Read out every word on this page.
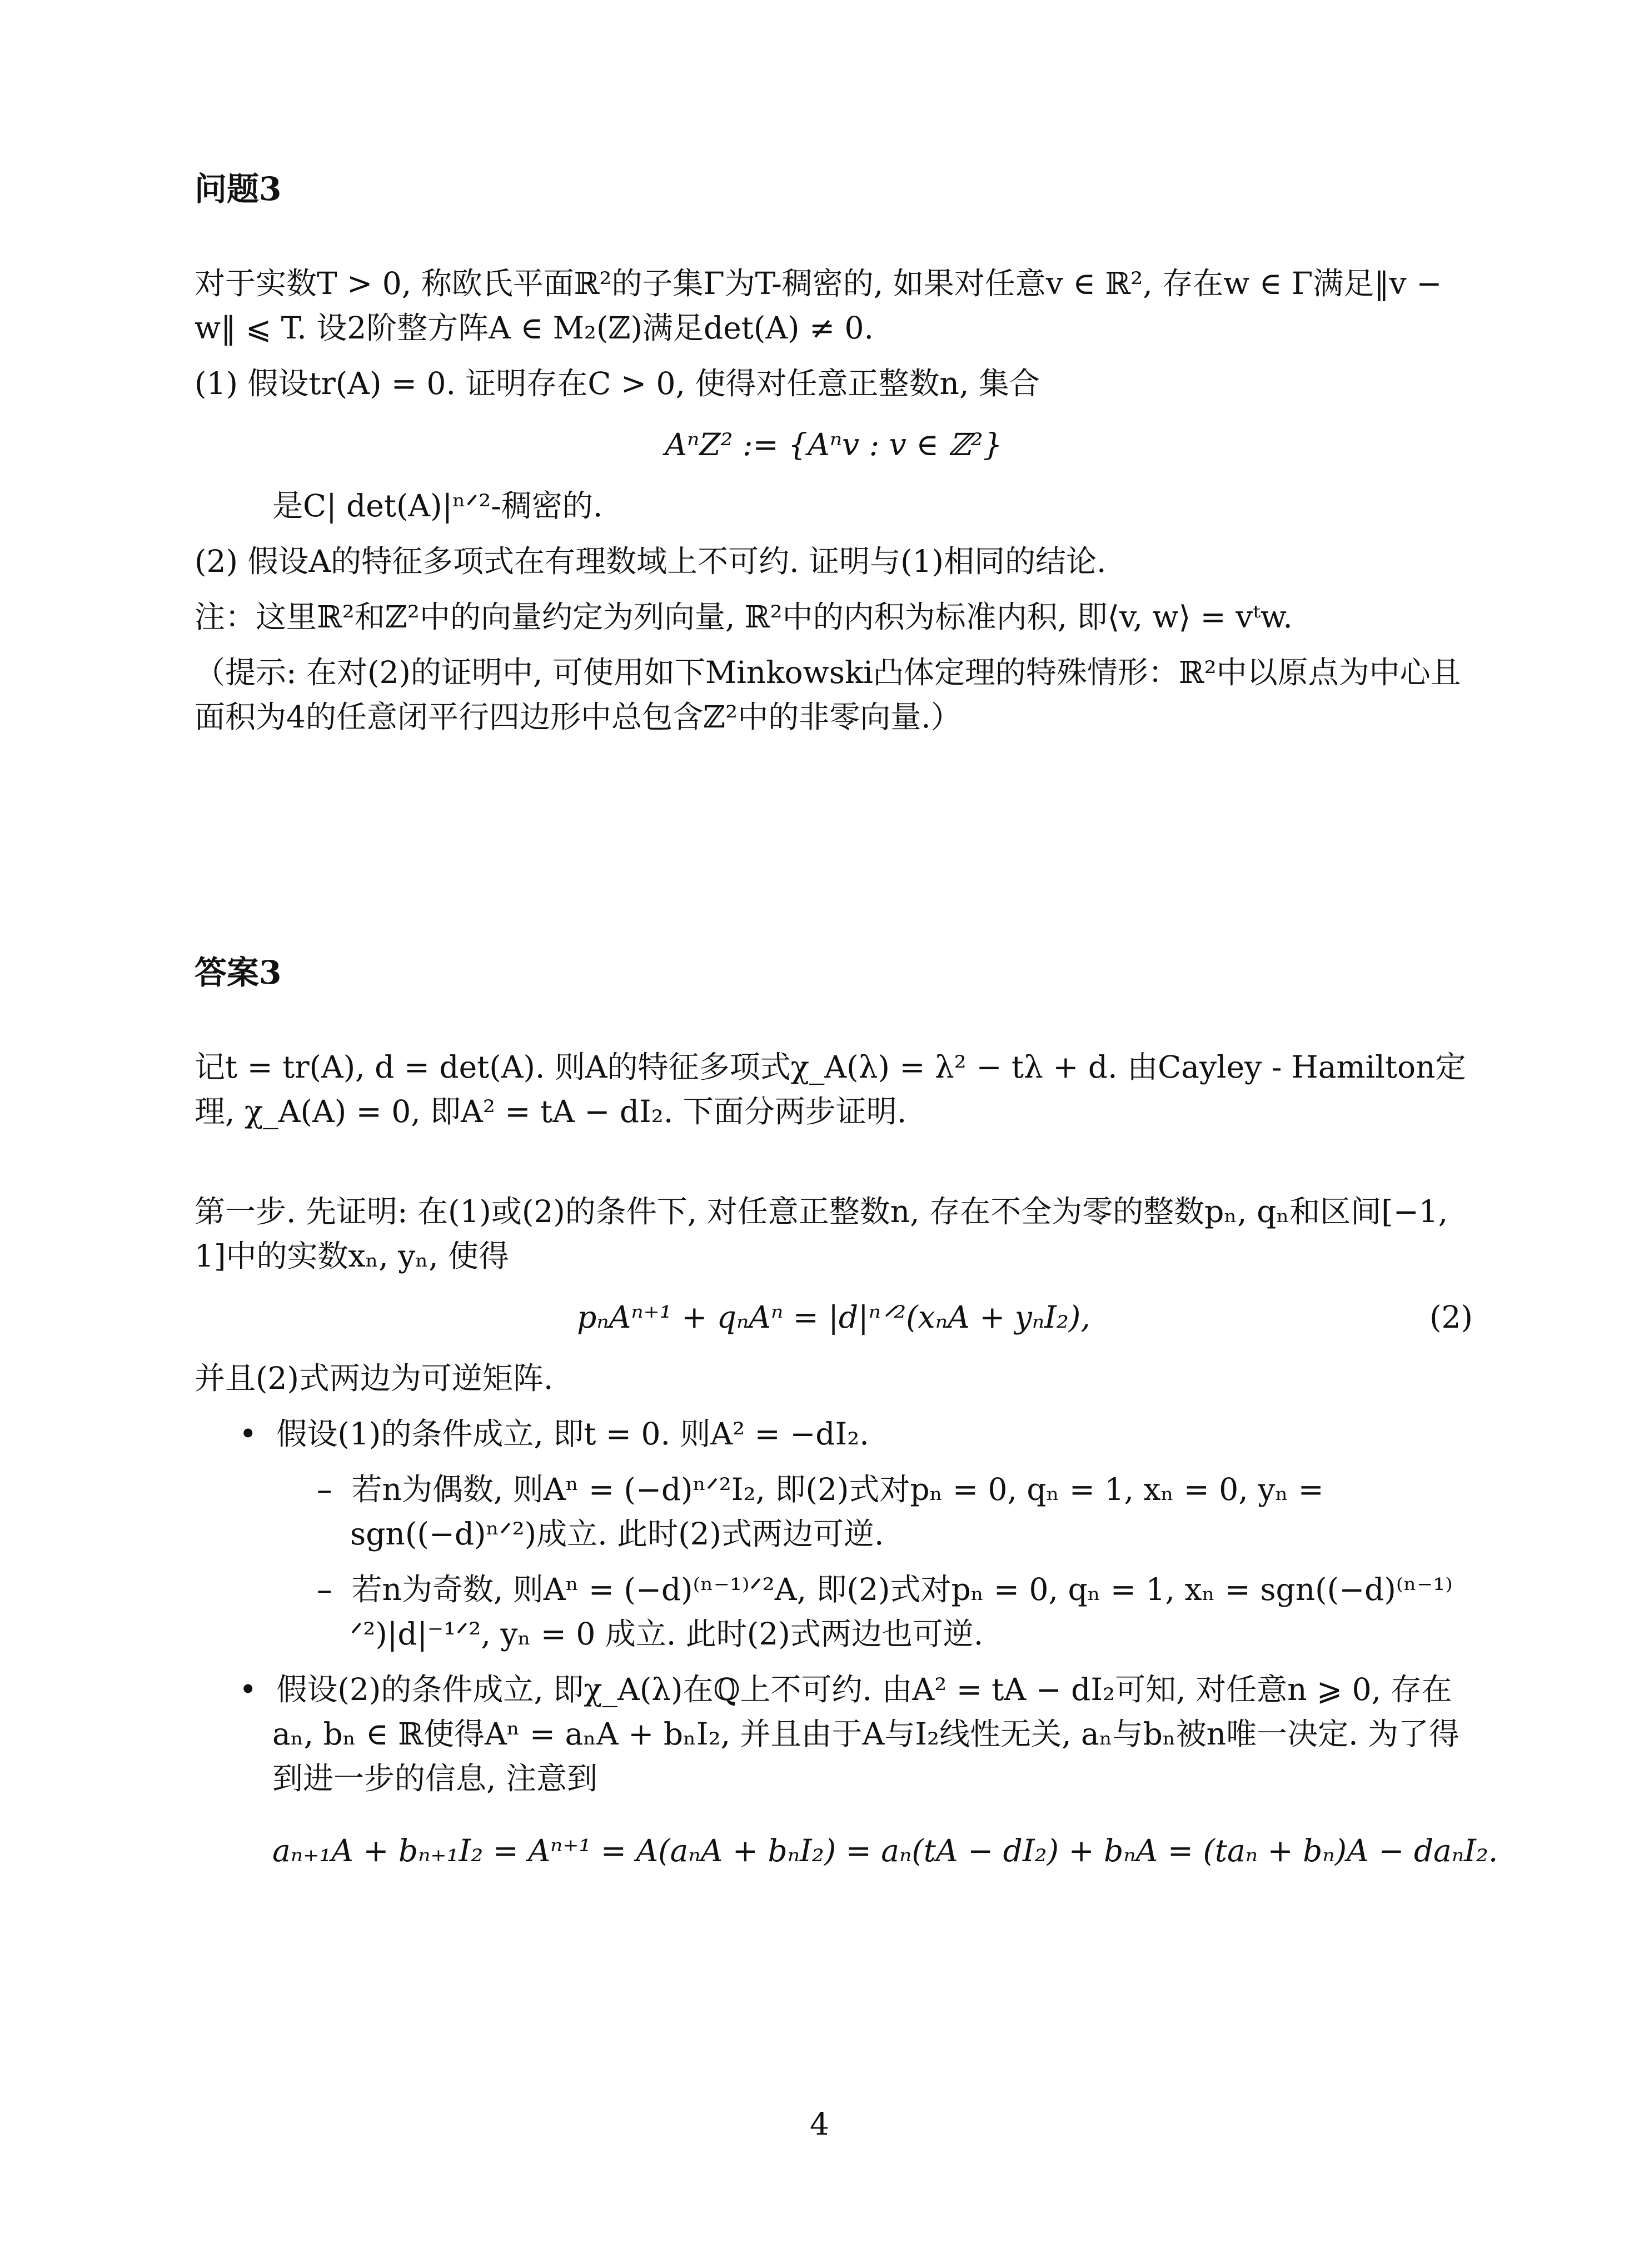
问题3

对于实数T > 0, 称欧氏平面ℝ²的子集Γ为T-稠密的, 如果对任意v ∈ ℝ², 存在w ∈ Γ满足‖v − w‖ ⩽ T. 设2阶整方阵A ∈ M₂(ℤ)满足det(A) ≠ 0.

(1) 假设tr(A) = 0. 证明存在C > 0, 使得对任意正整数n, 集合

AⁿZ² := {Aⁿv : v ∈ ℤ²}

是C| det(A)|ⁿᐟ²-稠密的.

(2) 假设A的特征多项式在有理数域上不可约. 证明与(1)相同的结论.

注：这里ℝ²和ℤ²中的向量约定为列向量, ℝ²中的内积为标准内积, 即⟨v, w⟩ = vᵗw.

（提示: 在对(2)的证明中, 可使用如下Minkowski凸体定理的特殊情形：ℝ²中以原点为中心且面积为4的任意闭平行四边形中总包含ℤ²中的非零向量.）

答案3

记t = tr(A), d = det(A). 则A的特征多项式χ_A(λ) = λ² − tλ + d. 由Cayley - Hamilton定理, χ_A(A) = 0, 即A² = tA − dI₂. 下面分两步证明.

第一步. 先证明: 在(1)或(2)的条件下, 对任意正整数n, 存在不全为零的整数pₙ, qₙ和区间[−1, 1]中的实数xₙ, yₙ, 使得

pₙAⁿ⁺¹ + qₙAⁿ = |d|ⁿᐟ²(xₙA + yₙI₂),	(2)

并且(2)式两边为可逆矩阵.

•  假设(1)的条件成立, 即t = 0. 则A² = −dI₂.

–  若n为偶数, 则Aⁿ = (−d)ⁿᐟ²I₂, 即(2)式对pₙ = 0, qₙ = 1, xₙ = 0, yₙ = sgn((−d)ⁿᐟ²)成立. 此时(2)式两边可逆.

–  若n为奇数, 则Aⁿ = (−d)⁽ⁿ⁻¹⁾ᐟ²A, 即(2)式对pₙ = 0, qₙ = 1, xₙ = sgn((−d)⁽ⁿ⁻¹⁾ᐟ²)|d|⁻¹ᐟ², yₙ = 0 成立. 此时(2)式两边也可逆.

•  假设(2)的条件成立, 即χ_A(λ)在ℚ上不可约. 由A² = tA − dI₂可知, 对任意n ⩾ 0, 存在aₙ, bₙ ∈ ℝ使得Aⁿ = aₙA + bₙI₂, 并且由于A与I₂线性无关, aₙ与bₙ被n唯一决定. 为了得到进一步的信息, 注意到

aₙ₊₁A + bₙ₊₁I₂ = Aⁿ⁺¹ = A(aₙA + bₙI₂) = aₙ(tA − dI₂) + bₙA = (taₙ + bₙ)A − daₙI₂.
4
